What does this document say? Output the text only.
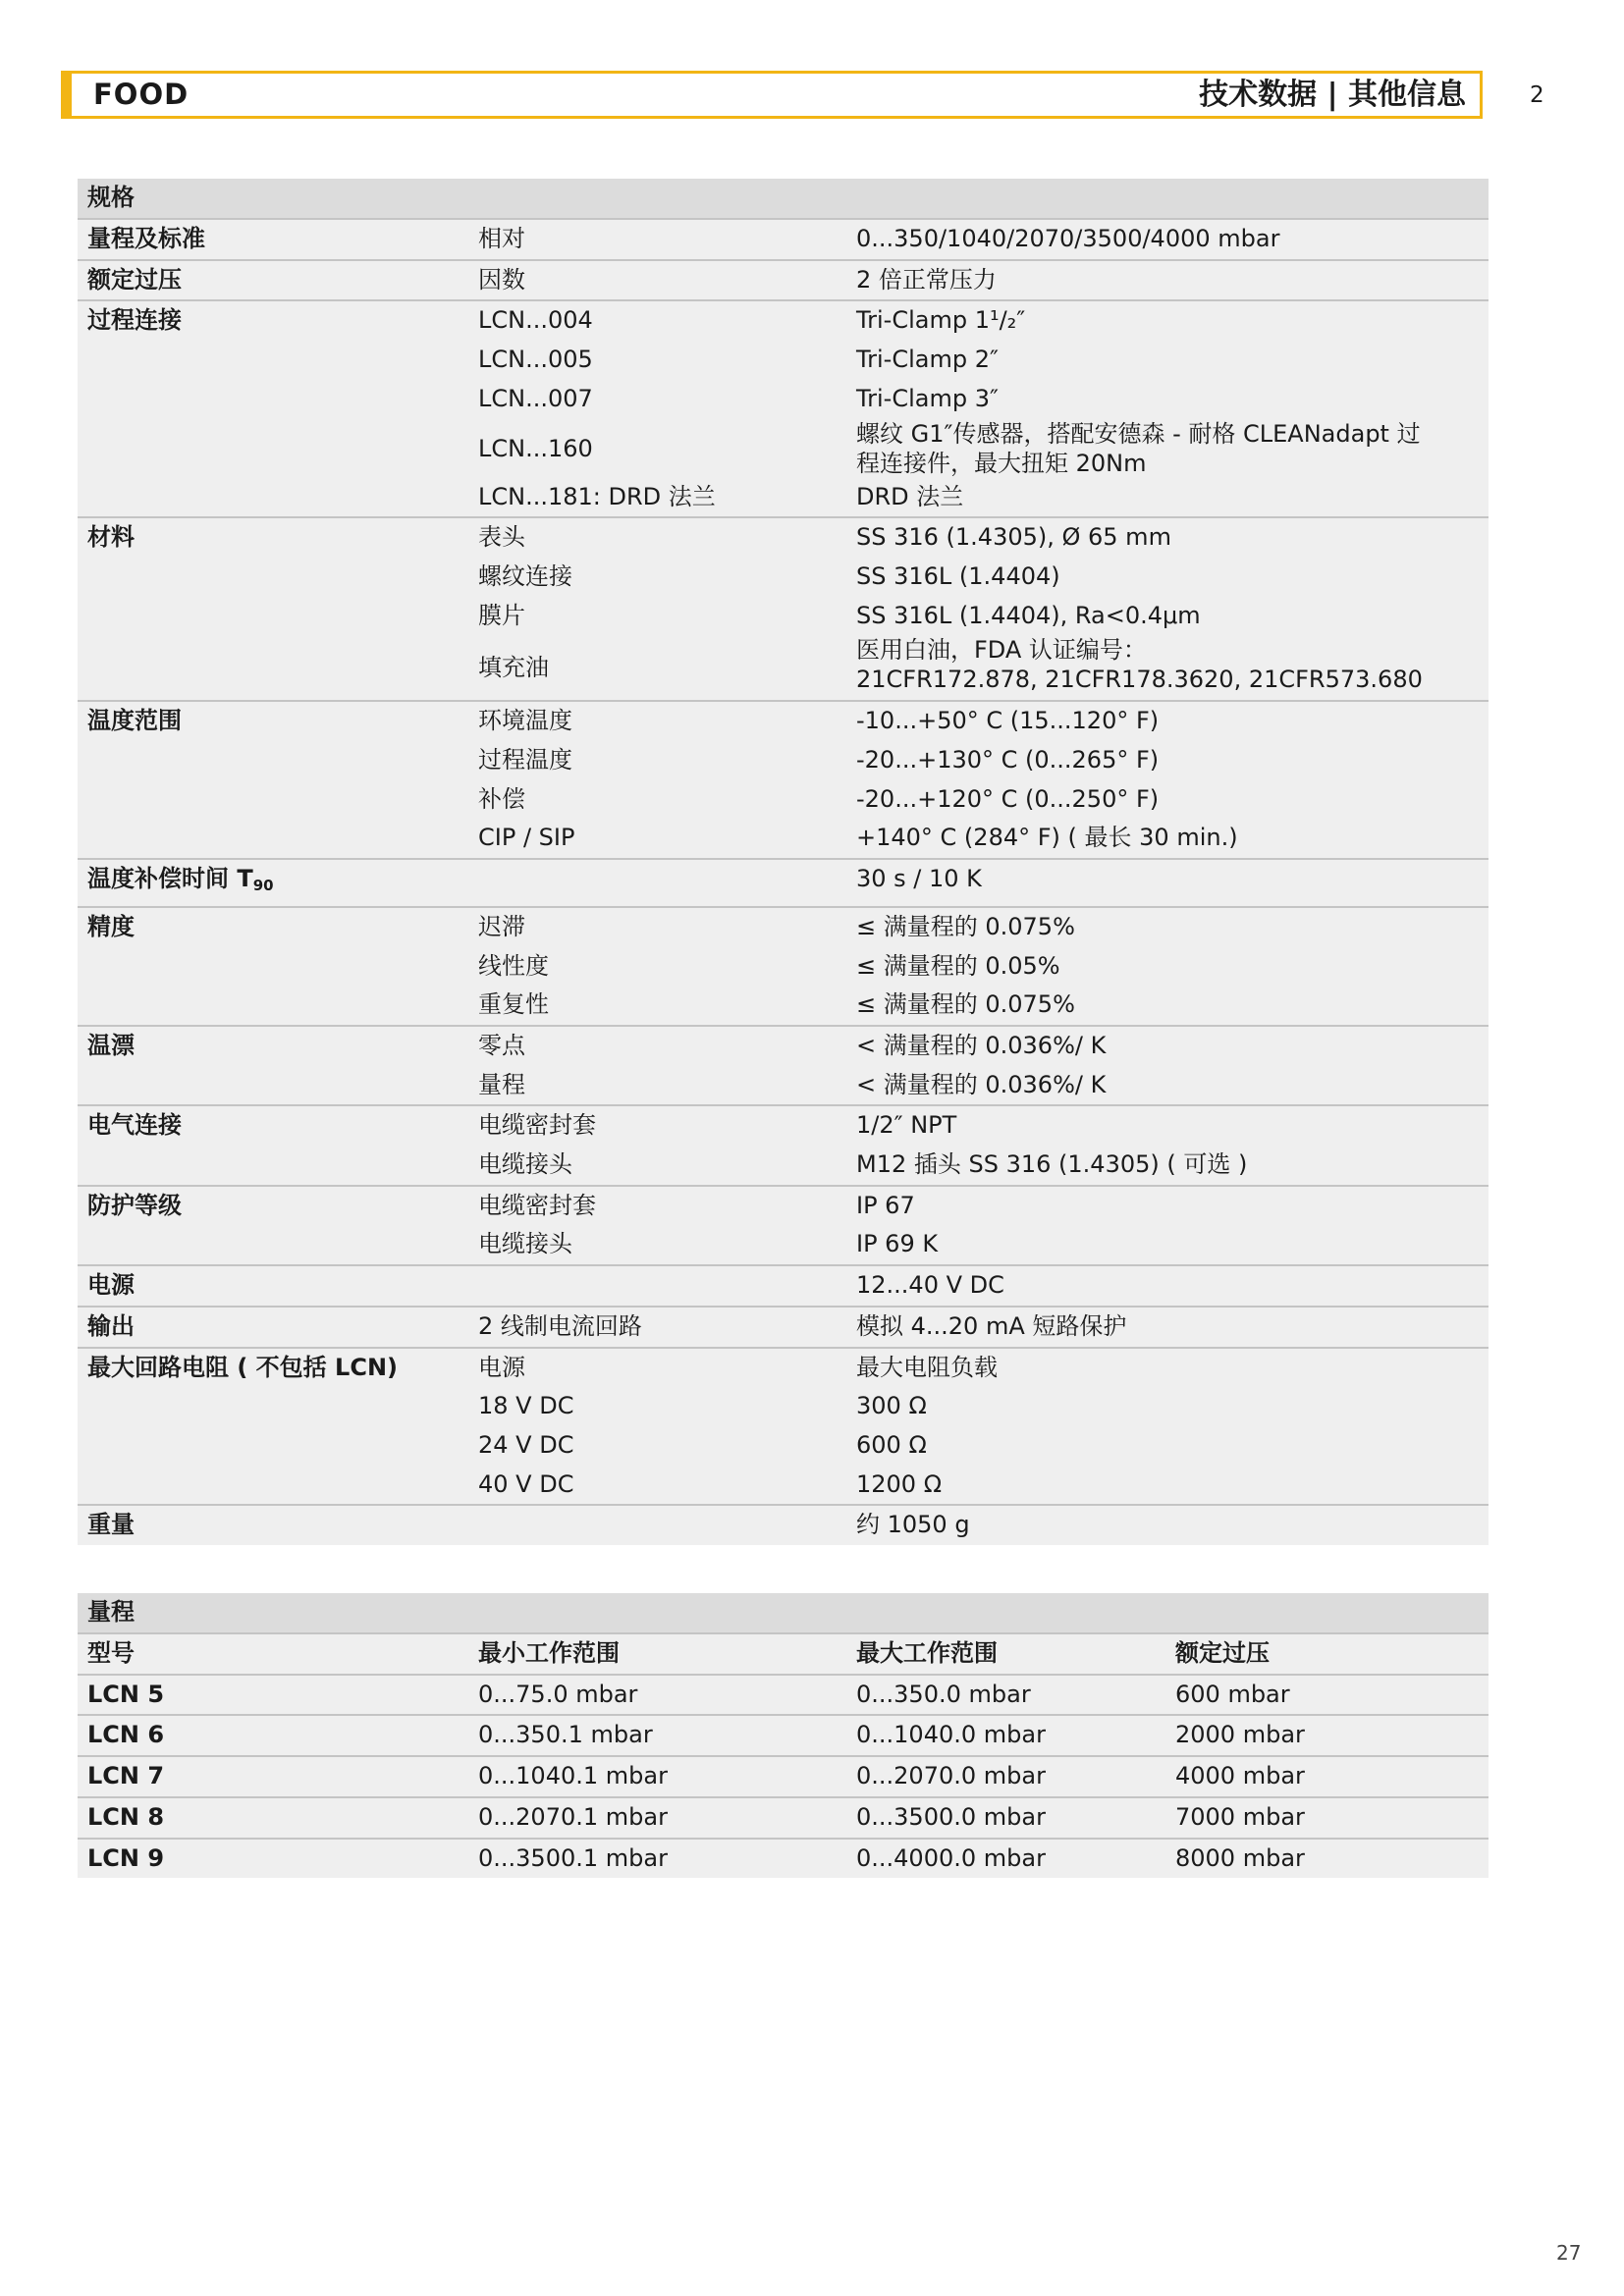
FOOD	技术数据 | 其他信息	2
规格		
量程及标准	相对	0...350/1040/2070/3500/4000 mbar
额定过压	因数	2 倍正常压力
过程连接	LCN...004	Tri-Clamp 1¹/₂″
	LCN...005	Tri-Clamp 2″
	LCN...007	Tri-Clamp 3″
	LCN...160	螺纹 G1″传感器，搭配安德森 - 耐格 CLEANadapt 过
程连接件，最大扭矩 20Nm

	LCN...181: DRD 法兰	DRD 法兰
材料	表头	SS 316 (1.4305), Ø 65 mm
	螺纹连接	SS 316L (1.4404)
	膜片	SS 316L (1.4404), Ra<0.4μm
	填充油	医用白油，FDA 认证编号：
21CFR172.878, 21CFR178.3620, 21CFR573.680

温度范围	环境温度	-10...+50° C (15...120° F)
	过程温度	-20...+130° C (0...265° F)
	补偿	-20...+120° C (0...250° F)
	CIP / SIP	+140° C (284° F) ( 最长 30 min.)
温度补偿时间 T90		30 s / 10 K
精度	迟滞	≤ 满量程的 0.075%
	线性度	≤ 满量程的 0.05%
	重复性	≤ 满量程的 0.075%
温漂	零点	< 满量程的 0.036%/ K
	量程	< 满量程的 0.036%/ K
电气连接	电缆密封套	1/2″ NPT
	电缆接头	M12 插头 SS 316 (1.4305) ( 可选 )
防护等级	电缆密封套	IP 67
	电缆接头	IP 69 K
电源		12...40 V DC
输出	2 线制电流回路	模拟 4...20 mA 短路保护
最大回路电阻 ( 不包括 LCN)	电源	最大电阻负载
	18 V DC	300 Ω
	24 V DC	600 Ω
	40 V DC	1200 Ω
重量		约 1050 g
量程			
型号	最小工作范围	最大工作范围	额定过压
LCN 5	0...75.0 mbar	0...350.0 mbar	600 mbar
LCN 6	0...350.1 mbar	0...1040.0 mbar	2000 mbar
LCN 7	0...1040.1 mbar	0...2070.0 mbar	4000 mbar
LCN 8	0...2070.1 mbar	0...3500.0 mbar	7000 mbar
LCN 9	0...3500.1 mbar	0...4000.0 mbar	8000 mbar
27
